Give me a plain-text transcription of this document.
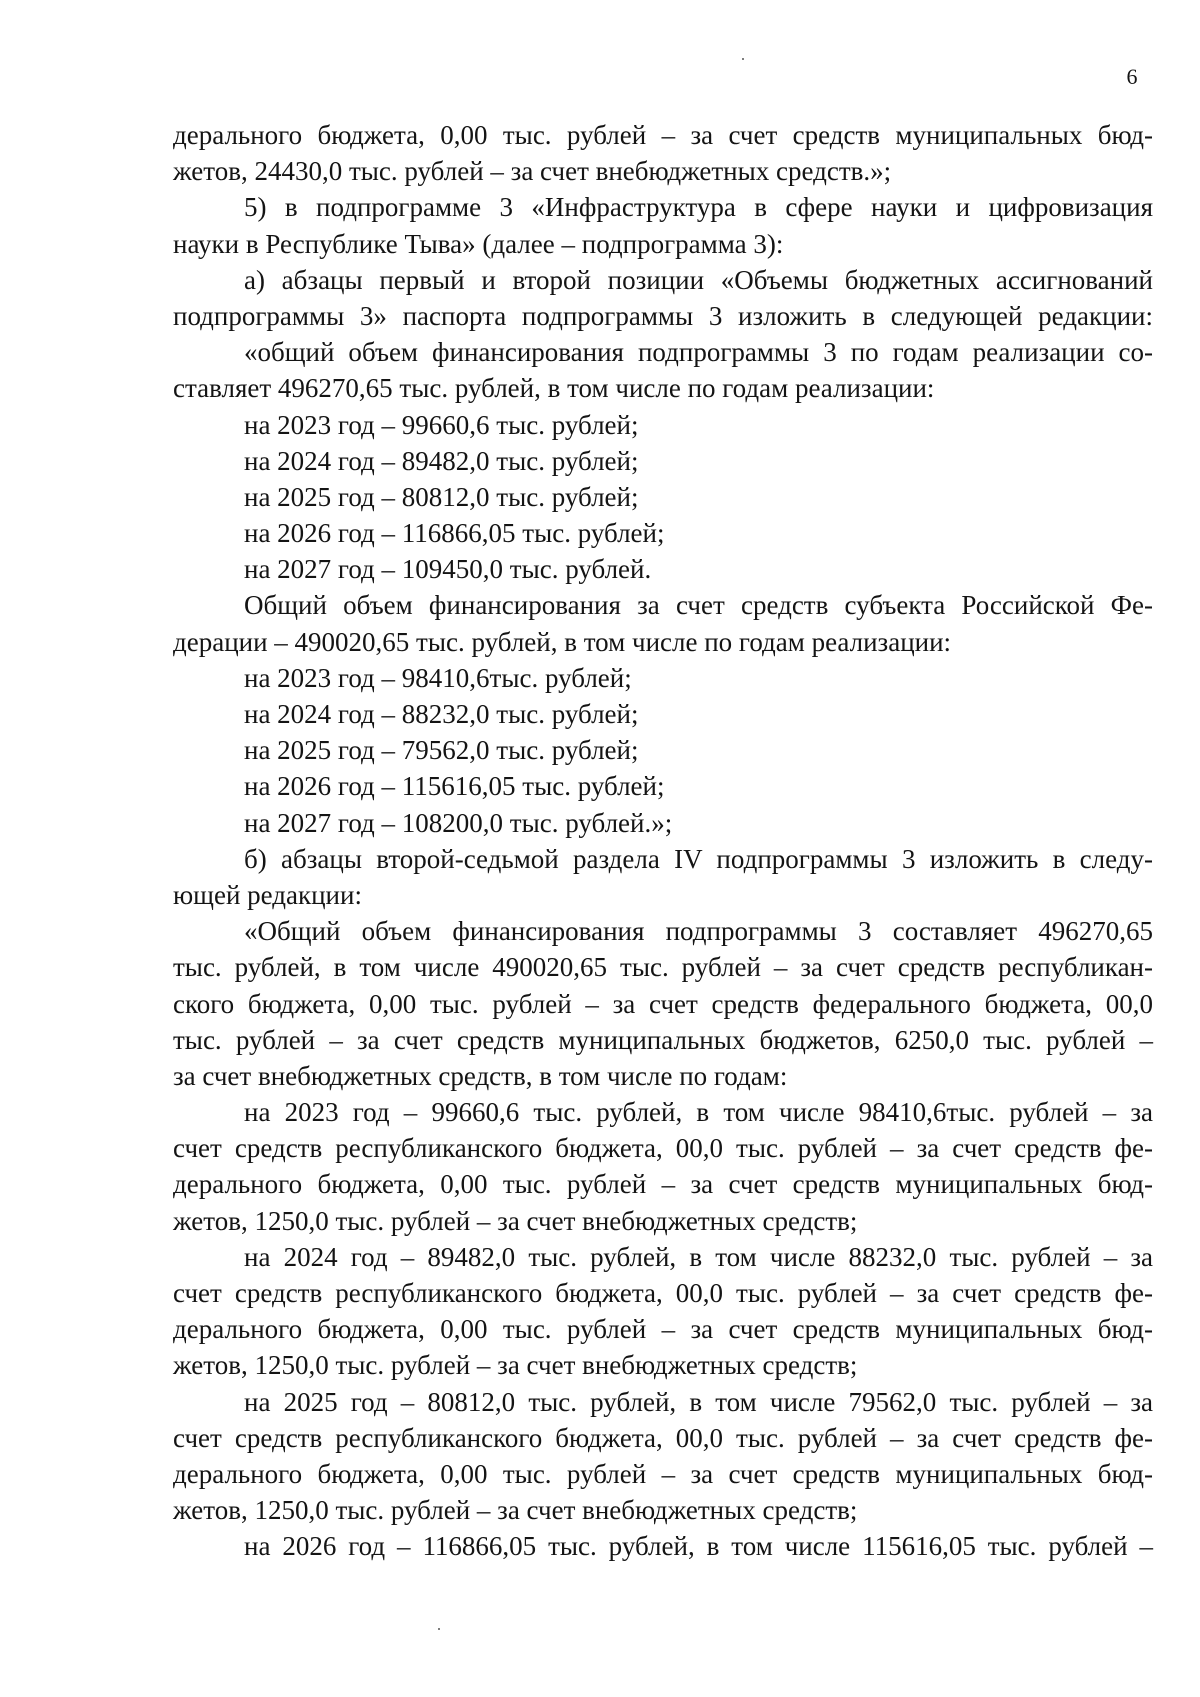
6
дерального бюджета, 0,00 тыс. рублей – за счет средств муниципальных бюд-
жетов, 24430,0 тыс. рублей – за счет внебюджетных средств.»;
5) в подпрограмме 3 «Инфраструктура в сфере науки и цифровизация
науки в Республике Тыва» (далее – подпрограмма 3):
а) абзацы первый и второй позиции «Объемы бюджетных ассигнований
подпрограммы 3» паспорта подпрограммы 3 изложить в следующей редакции:
«общий объем финансирования подпрограммы 3 по годам реализации со-
ставляет 496270,65 тыс. рублей, в том числе по годам реализации:
на 2023 год – 99660,6 тыс. рублей;
на 2024 год – 89482,0 тыс. рублей;
на 2025 год – 80812,0 тыс. рублей;
на 2026 год – 116866,05 тыс. рублей;
на 2027 год – 109450,0 тыс. рублей.
Общий объем финансирования за счет средств субъекта Российской Фе-
дерации – 490020,65 тыс. рублей, в том числе по годам реализации:
на 2023 год – 98410,6тыс. рублей;
на 2024 год – 88232,0 тыс. рублей;
на 2025 год – 79562,0 тыс. рублей;
на 2026 год – 115616,05 тыс. рублей;
на 2027 год – 108200,0 тыс. рублей.»;
б) абзацы второй-седьмой раздела IV подпрограммы 3 изложить в следу-
ющей редакции:
«Общий объем финансирования подпрограммы 3 составляет 496270,65
тыс. рублей, в том числе 490020,65 тыс. рублей – за счет средств республикан-
ского бюджета, 0,00 тыс. рублей – за счет средств федерального бюджета, 00,0
тыс. рублей – за счет средств муниципальных бюджетов, 6250,0 тыс. рублей –
за счет внебюджетных средств, в том числе по годам:
на 2023 год – 99660,6 тыс. рублей, в том числе 98410,6тыс. рублей – за
счет средств республиканского бюджета, 00,0 тыс. рублей – за счет средств фе-
дерального бюджета, 0,00 тыс. рублей – за счет средств муниципальных бюд-
жетов, 1250,0 тыс. рублей – за счет внебюджетных средств;
на 2024 год – 89482,0 тыс. рублей, в том числе 88232,0 тыс. рублей – за
счет средств республиканского бюджета, 00,0 тыс. рублей – за счет средств фе-
дерального бюджета, 0,00 тыс. рублей – за счет средств муниципальных бюд-
жетов, 1250,0 тыс. рублей – за счет внебюджетных средств;
на 2025 год – 80812,0 тыс. рублей, в том числе 79562,0 тыс. рублей – за
счет средств республиканского бюджета, 00,0 тыс. рублей – за счет средств фе-
дерального бюджета, 0,00 тыс. рублей – за счет средств муниципальных бюд-
жетов, 1250,0 тыс. рублей – за счет внебюджетных средств;
на 2026 год – 116866,05 тыс. рублей, в том числе 115616,05 тыс. рублей –
